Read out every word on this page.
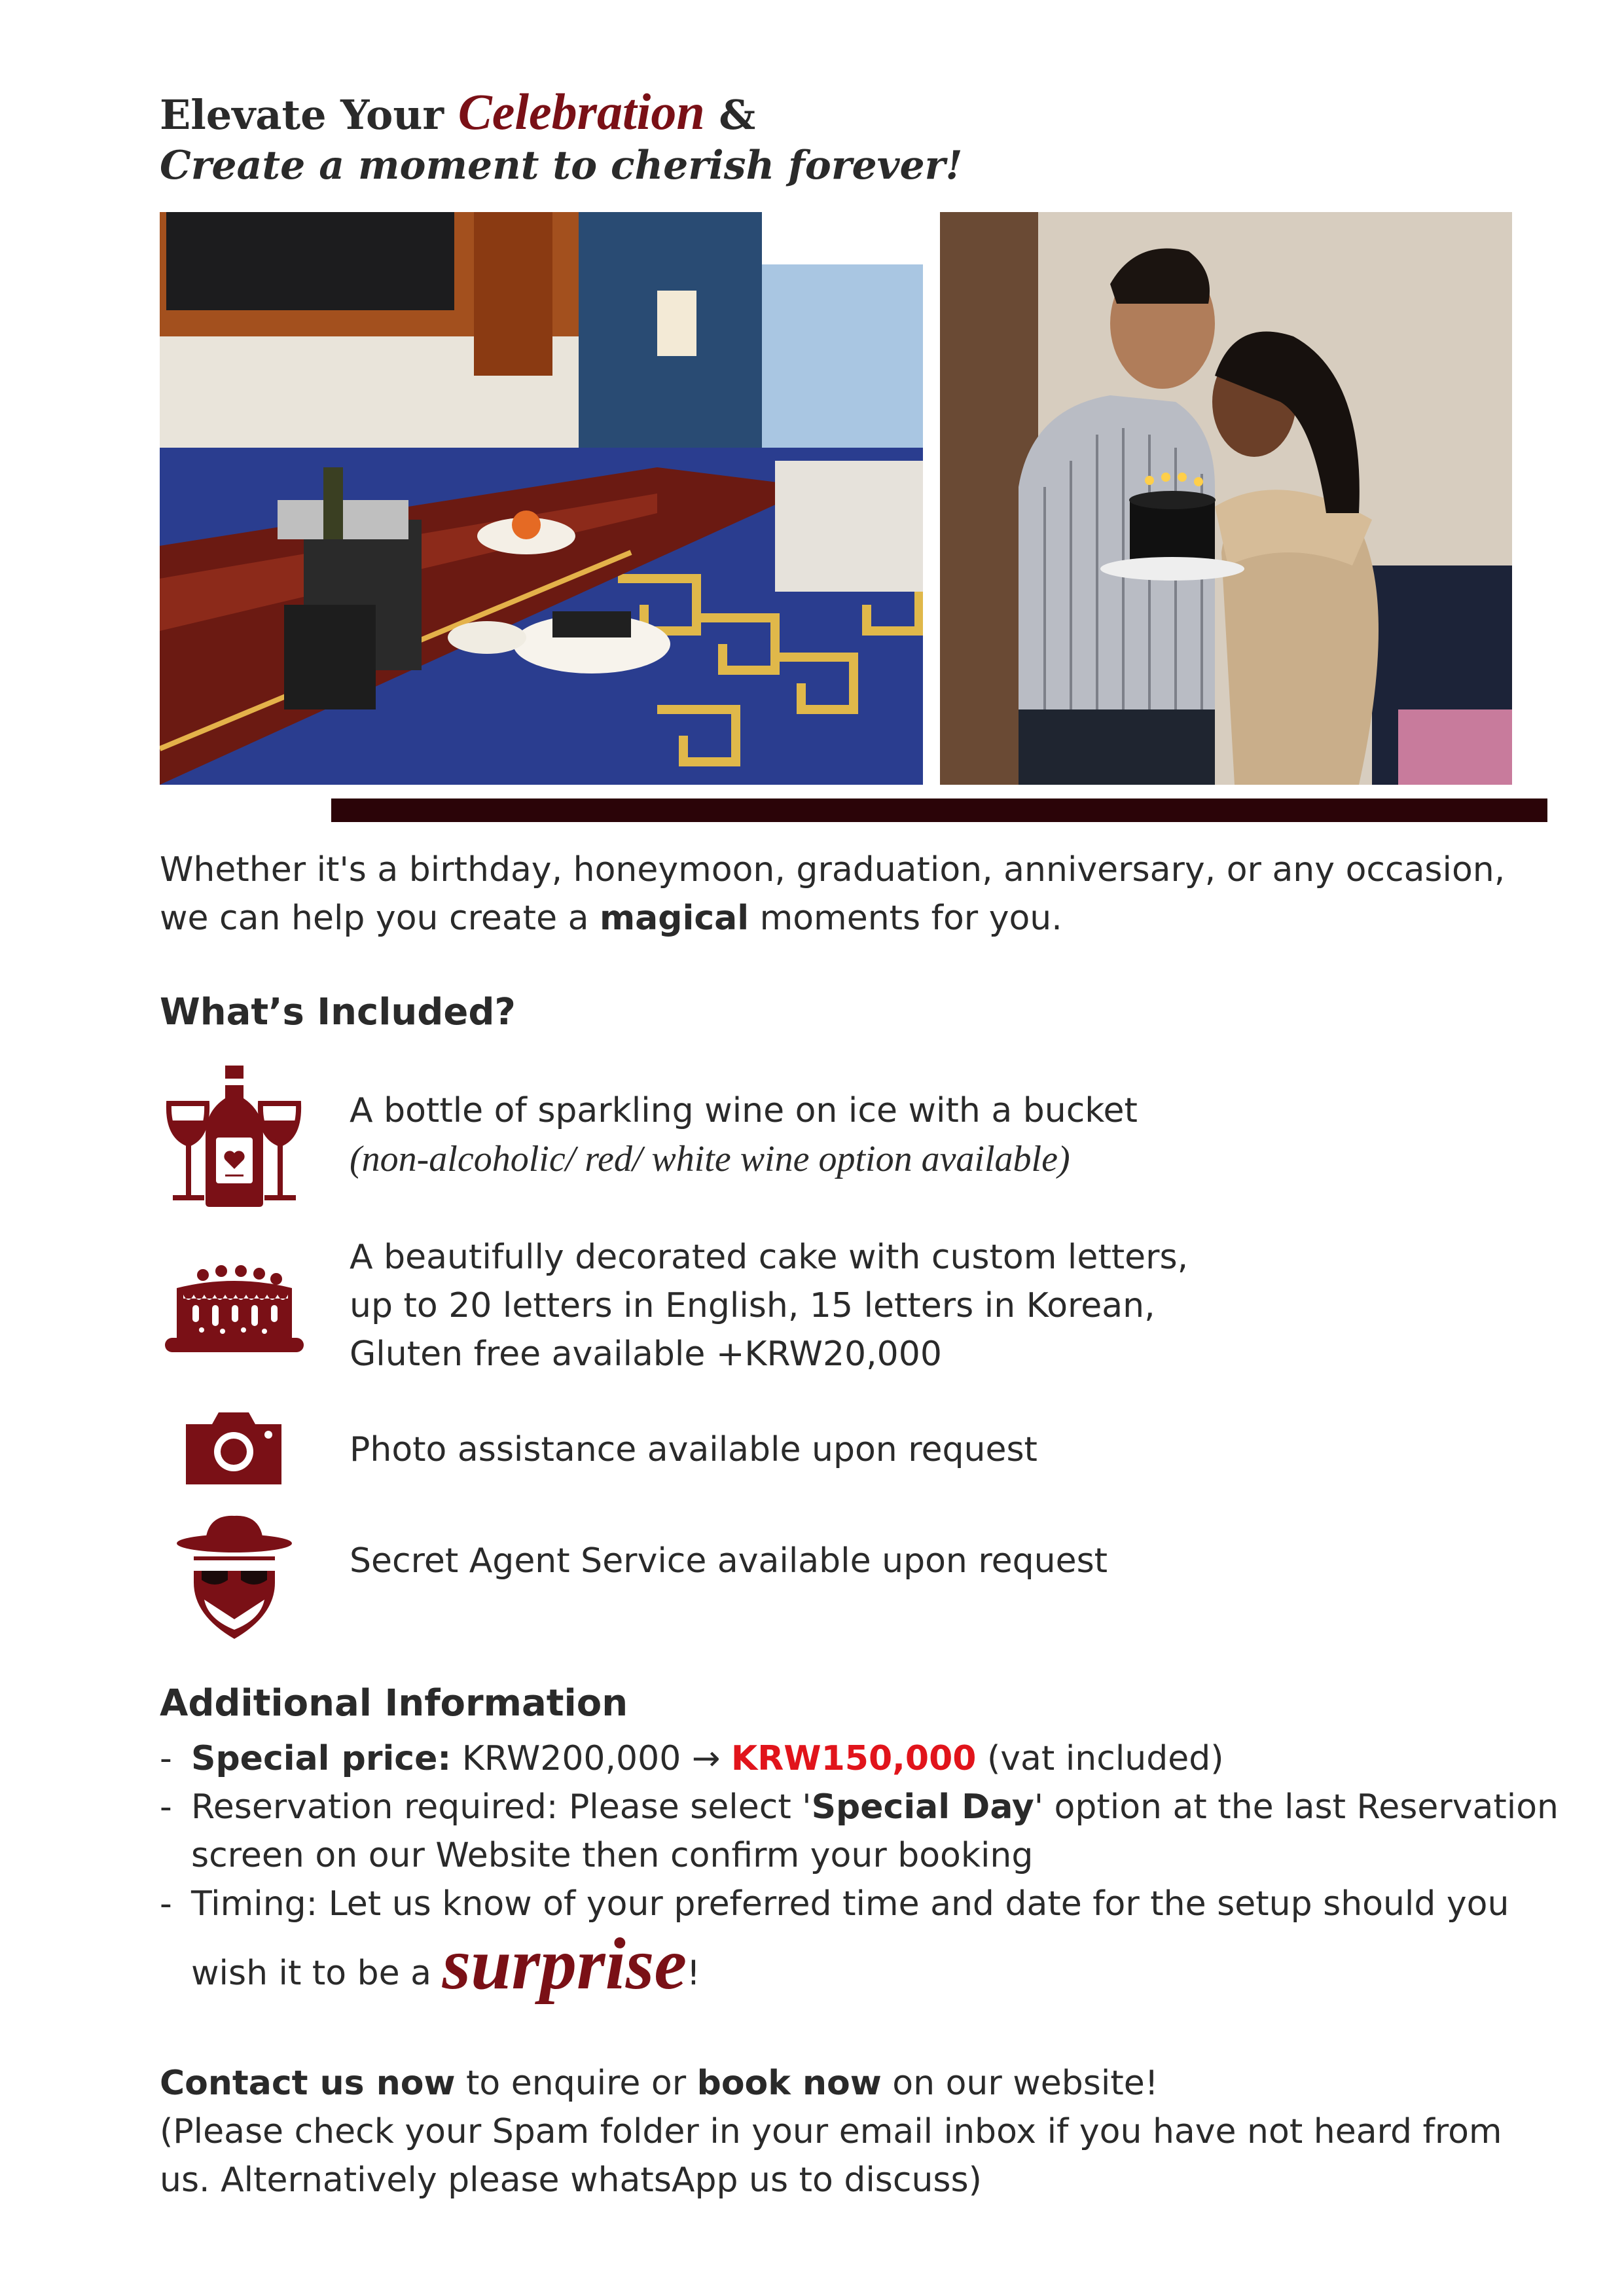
Elevate Your Celebration &
Create a moment to cherish forever!
Whether it's a birthday, honeymoon, graduation, anniversary, or any occasion, we can help you create a magical moments for you.
What’s Included?
A bottle of sparkling wine on ice with a bucket
(non-alcoholic/ red/ white wine option available)
A beautifully decorated cake with custom letters,
up to 20 letters in English, 15 letters in Korean,
Gluten free available +KRW20,000
Photo assistance available upon request
Secret Agent Service available upon request
Additional Information
- Special price: KRW200,000 → KRW150,000 (vat included)
- Reservation required: Please select 'Special Day' option at the last Reservation screen on our Website then confirm your booking
- Timing: Let us know of your preferred time and date for the setup should you
wish it to be a surprise!
Contact us now to enquire or book now on our website!
(Please check your Spam folder in your email inbox if you have not heard from us. Alternatively please whatsApp us to discuss)
